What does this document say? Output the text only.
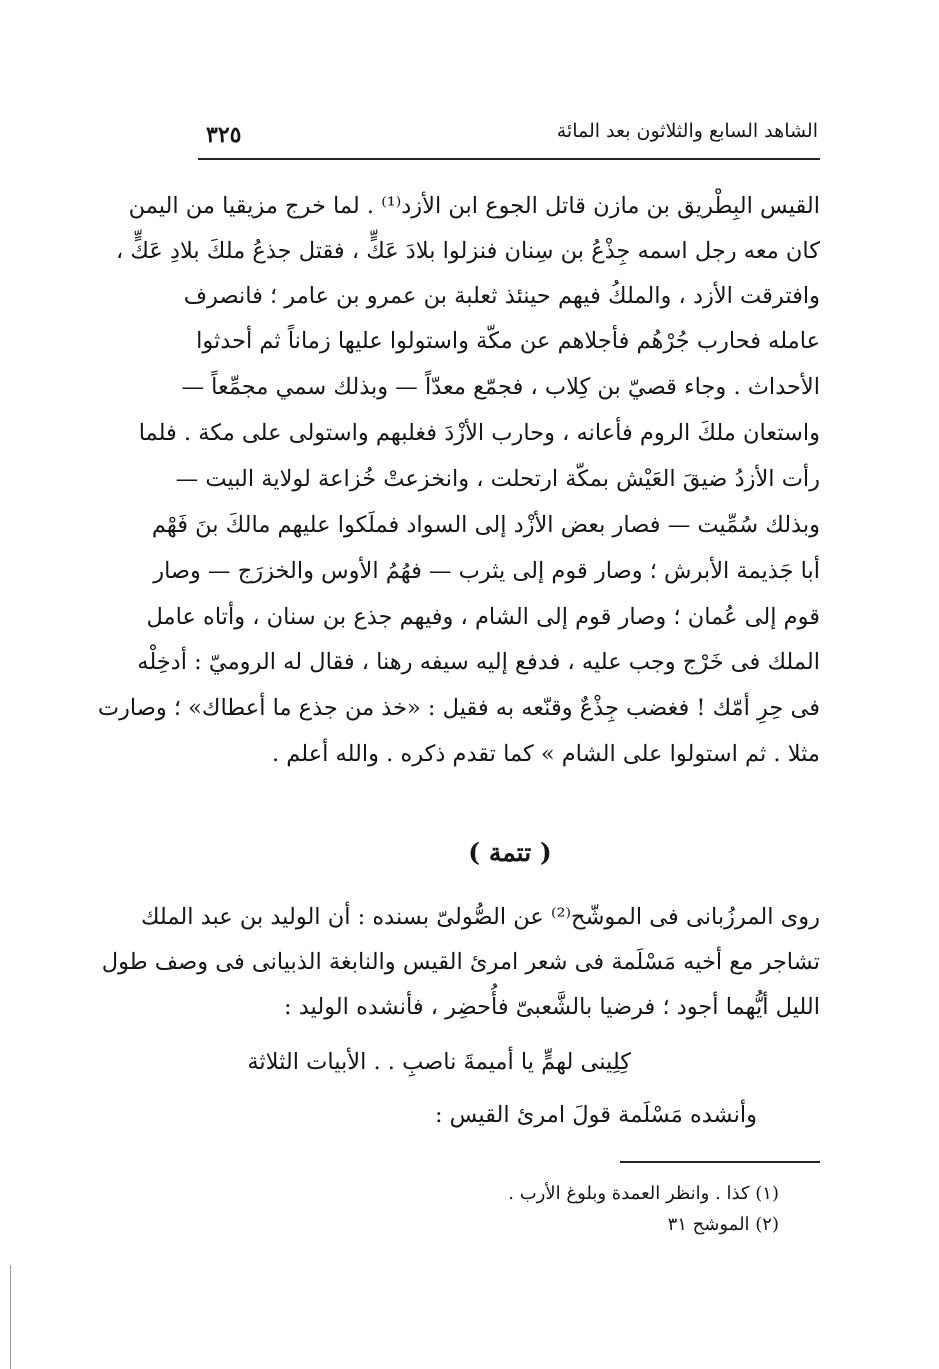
الشاهد السابع والثلاثون بعد المائة
٣٢٥
القيس البِطْريق بن مازن قاتل الجوع ابن الأزد⁽¹⁾ . لما خرج مزيقيا من اليمن
كان معه رجل اسمه جِذْعُ بن سِنان فنزلوا بلادَ عَكٍّ ، فقتل جذعُ ملكَ بلادِ عَكٍّ ،
وافترقت الأزد ، والملكُ فيهم حينئذ ثعلبة بن عمرو بن عامر ؛ فانصرف
عامله فحارب جُرْهُم فأجلاهم عن مكّة واستولوا عليها زماناً ثم أحدثوا
الأحداث . وجاء قصيّ بن كِلاب ، فجمّع معدّاً — وبذلك سمي مجمِّعاً —
واستعان ملكَ الروم فأعانه ، وحارب الأزْدَ فغلبهم واستولى على مكة . فلما
رأت الأزدُ ضيقَ العَيْش بمكّة ارتحلت ، وانخزعتْ خُزاعة لولاية البيت —
وبذلك سُمِّيت — فصار بعض الأزْد إلى السواد فملَكوا عليهم مالكَ بنَ فَهْم
أبا جَذيمة الأبرش ؛ وصار قوم إلى يثرب — فهُمُ الأوس والخزرَج — وصار
قوم إلى عُمان ؛ وصار قوم إلى الشام ، وفيهم جذع بن سنان ، وأتاه عامل
الملك فى خَرْج وجب عليه ، فدفع إليه سيفه رهنا ، فقال له الروميّ : أدخِلْه
فى حِرِ أمّك ! فغضب جِذْعٌ وقنّعه به فقيل : «خذ من جذع ما أعطاك» ؛ وصارت
مثلا . ثم استولوا على الشام » كما تقدم ذكره . والله أعلم .
( تتمة )
روى المرزُبانى فى الموشّح⁽²⁾ عن الصُّولىّ بسنده : أن الوليد بن عبد الملك
تشاجر مع أخيه مَسْلَمة فى شعر امرئ القيس والنابغة الذبيانى فى وصف طول
الليل أيُّهما أجود ؛ فرضيا بالشَّعبىّ فأُحضِر ، فأنشده الوليد :
كِلِينى لهمٍّ يا أميمةَ ناصبِ . . الأبيات الثلاثة
وأنشده مَسْلَمة قولَ امرئ القيس :
(١) كذا . وانظر العمدة وبلوغ الأرب .
(٢) الموشح ٣١
